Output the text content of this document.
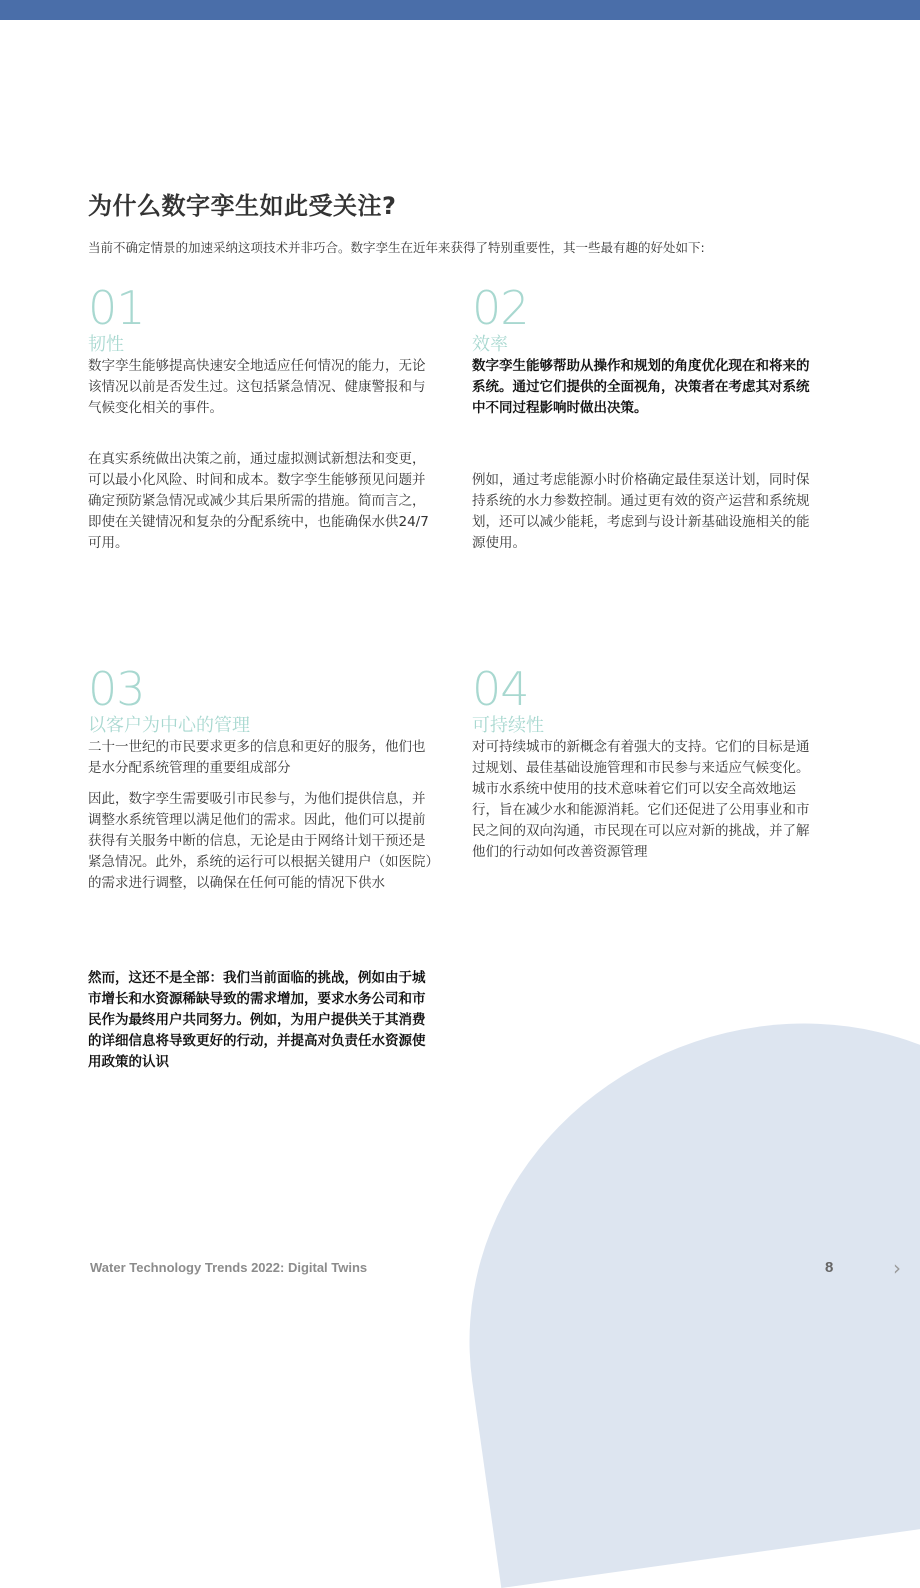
为什么数字孪生如此受关注?
当前不确定情景的加速采纳这项技术并非巧合。数字孪生在近年来获得了特别重要性，其一些最有趣的好处如下:
01
韧性

数字孪生能够提高快速安全地适应任何情况的能力，无论该情况以前是否发生过。这包括紧急情况、健康警报和与气候变化相关的事件。

在真实系统做出决策之前，通过虚拟测试新想法和变更，可以最小化风险、时间和成本。数字孪生能够预见问题并确定预防紧急情况或减少其后果所需的措施。简而言之，即使在关键情况和复杂的分配系统中，也能确保水供24/7可用。

02
效率

数字孪生能够帮助从操作和规划的角度优化现在和将来的系统。通过它们提供的全面视角，决策者在考虑其对系统中不同过程影响时做出决策。

例如，通过考虑能源小时价格确定最佳泵送计划，同时保持系统的水力参数控制。通过更有效的资产运营和系统规划，还可以减少能耗，考虑到与设计新基础设施相关的能源使用。

03
以客户为中心的管理

二十一世纪的市民要求更多的信息和更好的服务，他们也是水分配系统管理的重要组成部分

因此，数字孪生需要吸引市民参与，为他们提供信息，并调整水系统管理以满足他们的需求。因此，他们可以提前获得有关服务中断的信息，无论是由于网络计划干预还是紧急情况。此外，系统的运行可以根据关键用户（如医院）的需求进行调整，以确保在任何可能的情况下供水

然而，这还不是全部：我们当前面临的挑战，例如由于城市增长和水资源稀缺导致的需求增加，要求水务公司和市民作为最终用户共同努力。例如，为用户提供关于其消费的详细信息将导致更好的行动，并提高对负责任水资源使用政策的认识

04
可持续性

对可持续城市的新概念有着强大的支持。它们的目标是通过规划、最佳基础设施管理和市民参与来适应气候变化。城市水系统中使用的技术意味着它们可以安全高效地运行，旨在减少水和能源消耗。它们还促进了公用事业和市民之间的双向沟通，市民现在可以应对新的挑战，并了解他们的行动如何改善资源管理

Water Technology Trends 2022: Digital Twins	8	›
